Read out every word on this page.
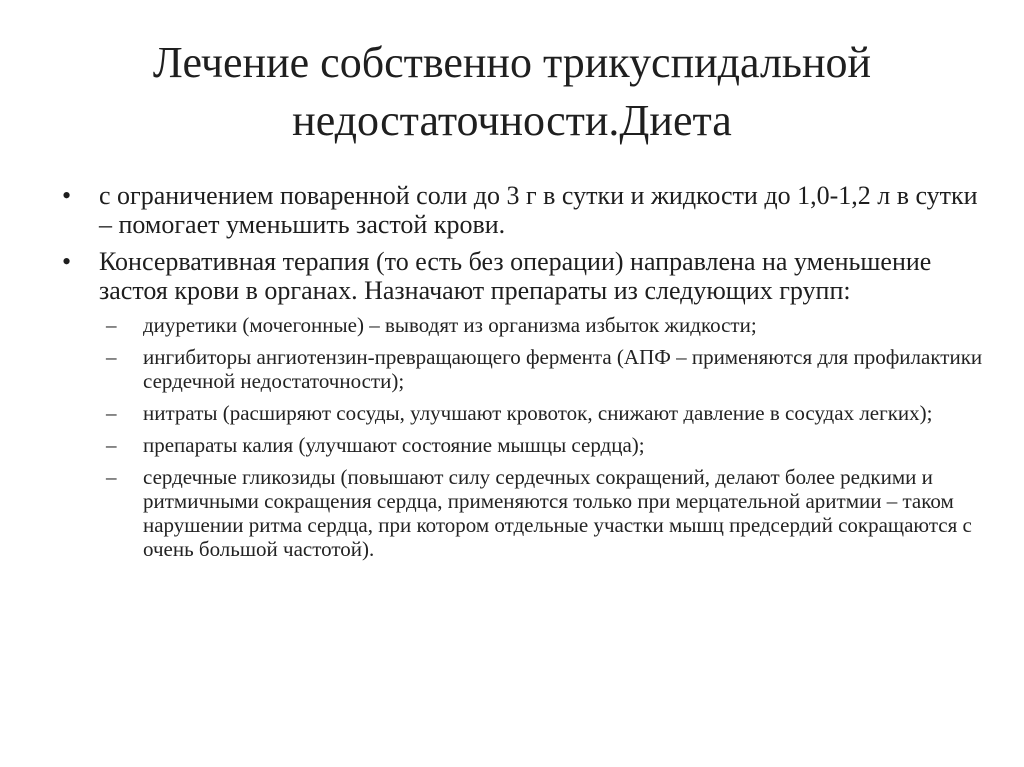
Лечение собственно трикуспидальной
недостаточности.Диета
•	с ограничением поваренной соли до 3 г в сутки и жидкости до 1,0-1,2 л в сутки – помогает уменьшить застой крови.
•	Консервативная терапия (то есть без операции) направлена на уменьшение застоя крови в органах. Назначают препараты из следующих групп:
–	диуретики (мочегонные) – выводят из организма избыток жидкости;
–	ингибиторы ангиотензин-превращающего фермента (АПФ – применяются для профилактики сердечной недостаточности);
–	нитраты (расширяют сосуды, улучшают кровоток, снижают давление в сосудах легких);
–	препараты калия (улучшают состояние мышцы сердца);
–	сердечные гликозиды (повышают силу сердечных сокращений, делают более редкими и ритмичными сокращения сердца, применяются только при мерцательной аритмии – таком нарушении ритма сердца, при котором отдельные участки мышц предсердий сокращаются с очень большой частотой).
